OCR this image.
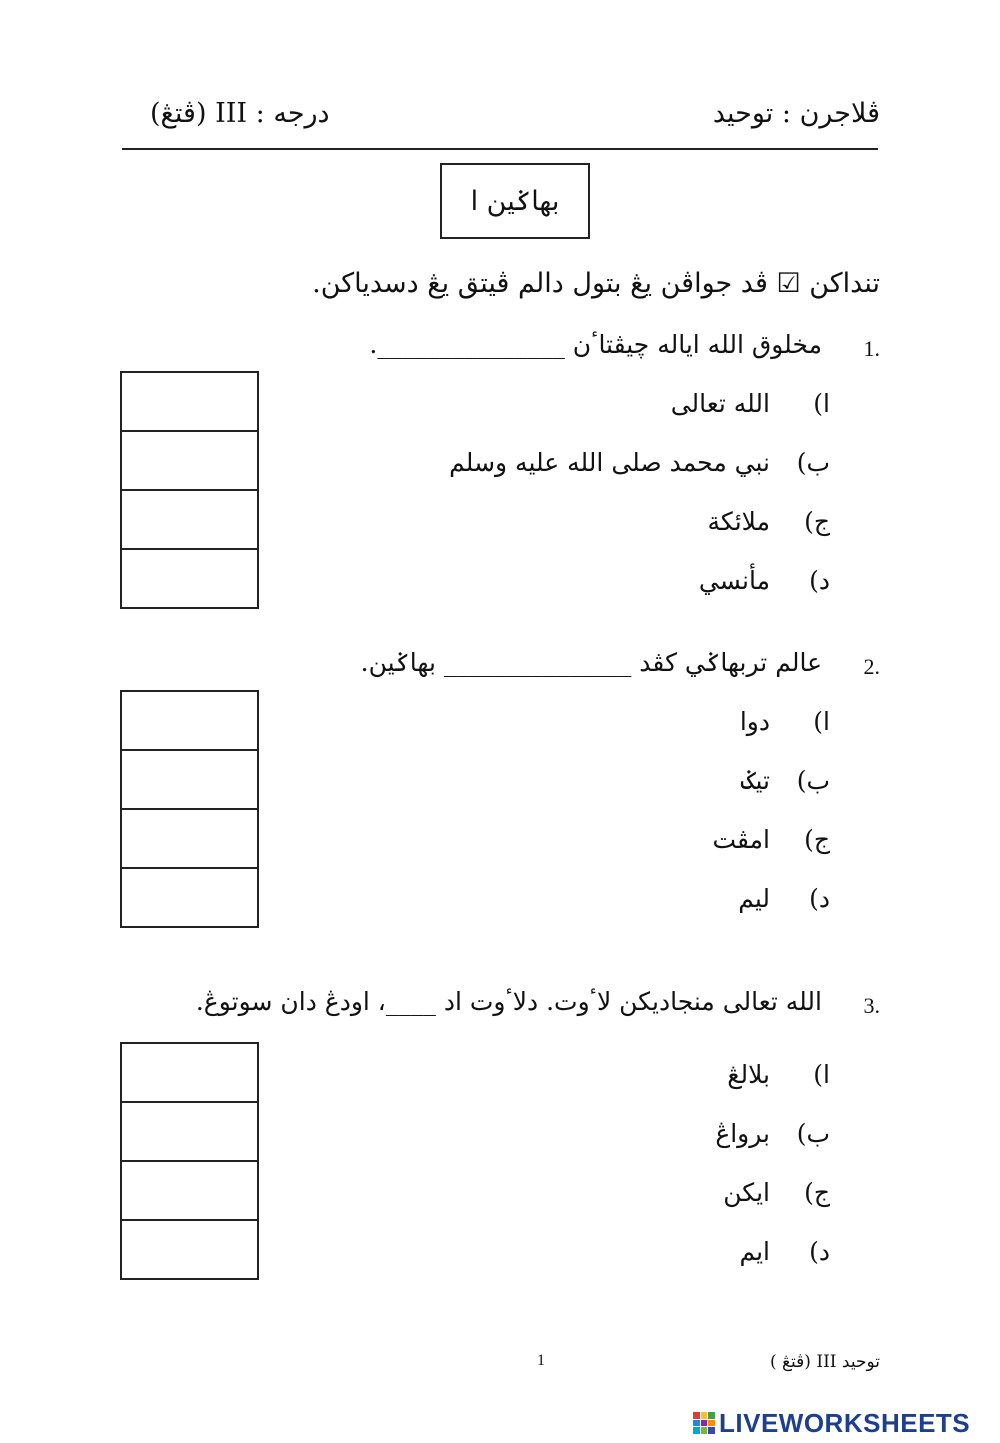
ڤلاجرن : توحيد
درجه : III (ڤتڠ)
بهاݢين ا
تنداكن ☑ ڤد جواڤن يڠ بتول دالم ڤيتق يڠ دسدياكن.
1.
مخلوق الله اياله چيڤتاٴن _______________.
ا)
الله تعالى
ب)
نبي محمد صلى الله عليه وسلم
ج)
ملائكة
د)
مأنسي
2.
عالم تربهاݢي كڤد _______________ بهاݢين.
ا)
دوا
ب)
تيݢ
ج)
امڤت
د)
ليم
3.
الله تعالى منجاديكن لاٴوت. دلاٴوت اد ____، اودڠ دان سوتوڠ.
ا)
بلالڠ
ب)
برواڠ
ج)
ايكن
د)
ايم
توحيد III (ڤتڠ )
1
LIVEWORKSHEETS
